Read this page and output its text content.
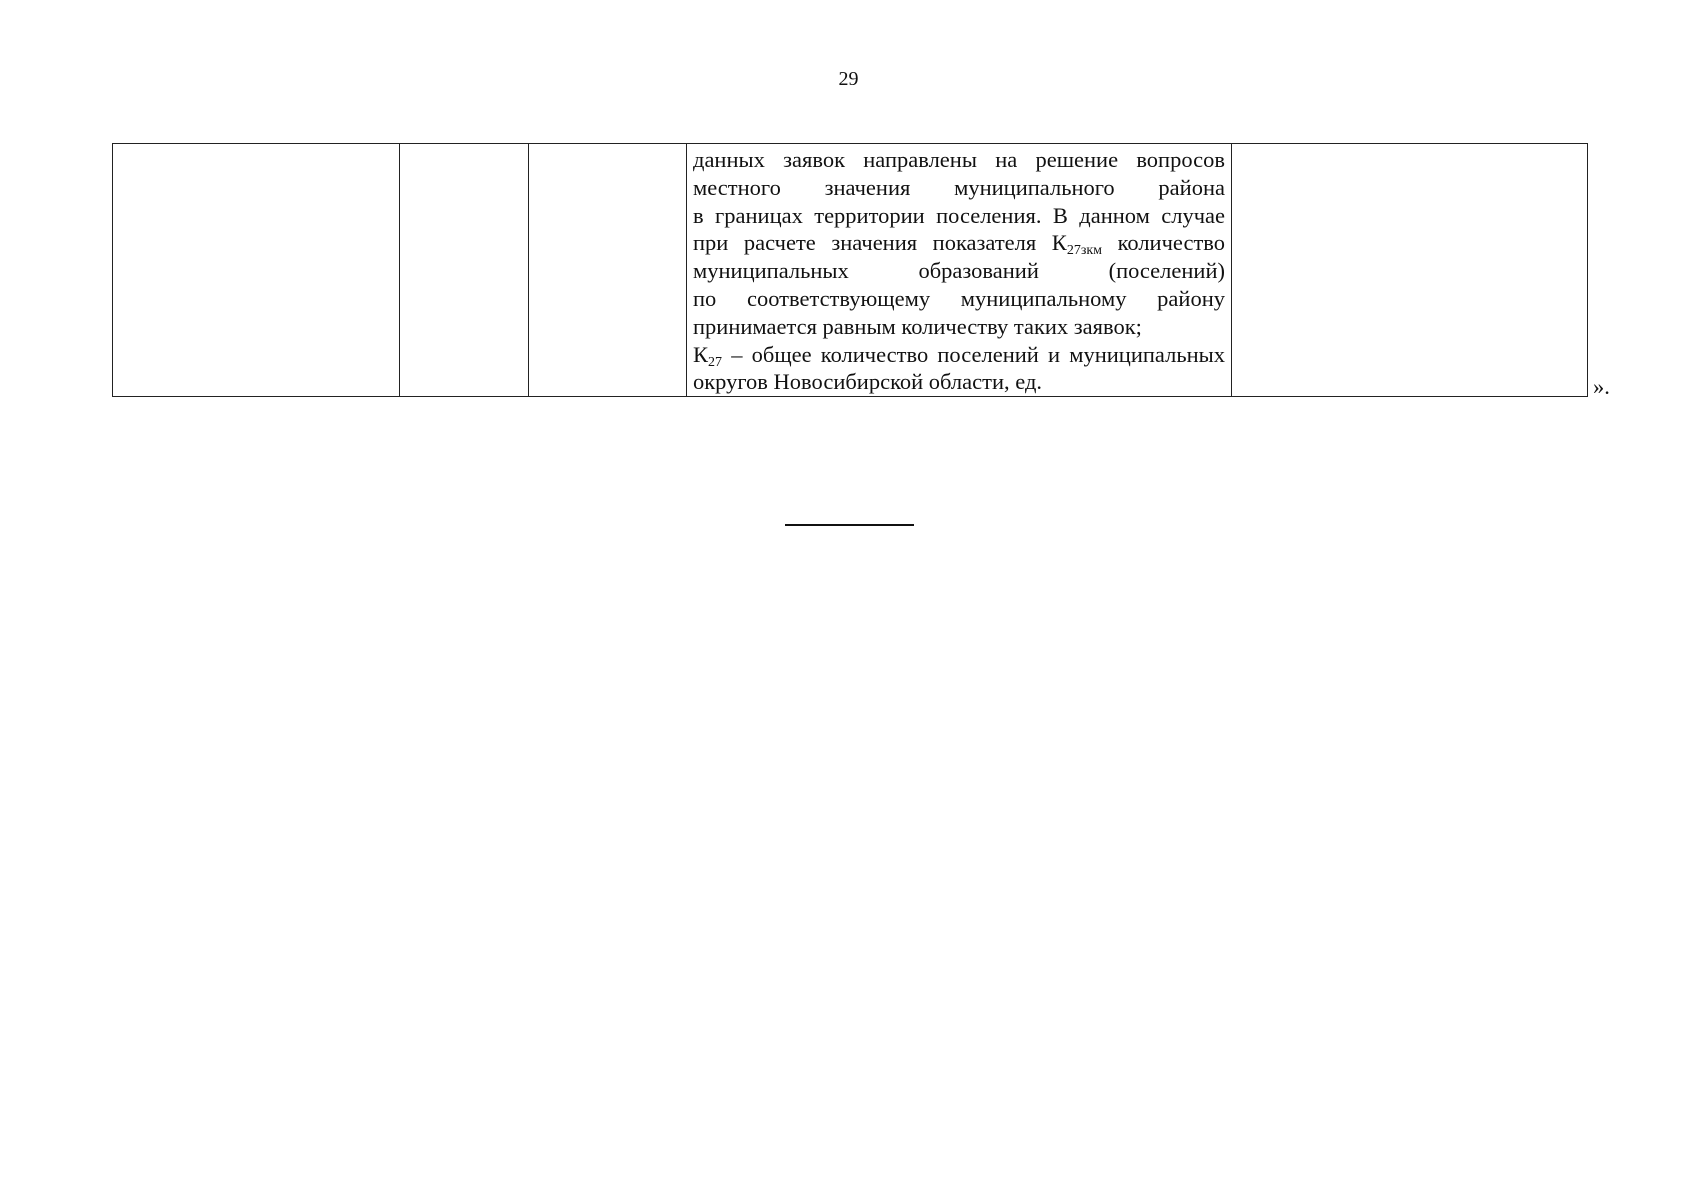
29

данных заявок направлены на решение вопросов
местного значения муниципального района
в границах территории поселения. В данном случае
при расчете значения показателя $К_{27зкм}$ количество
муниципальных образований (поселений)
по соответствующему муниципальному району
принимается равным количеству таких заявок;
$К_{27}$ – общее количество поселений и муниципальных
округов Новосибирской области, ед.
		».
